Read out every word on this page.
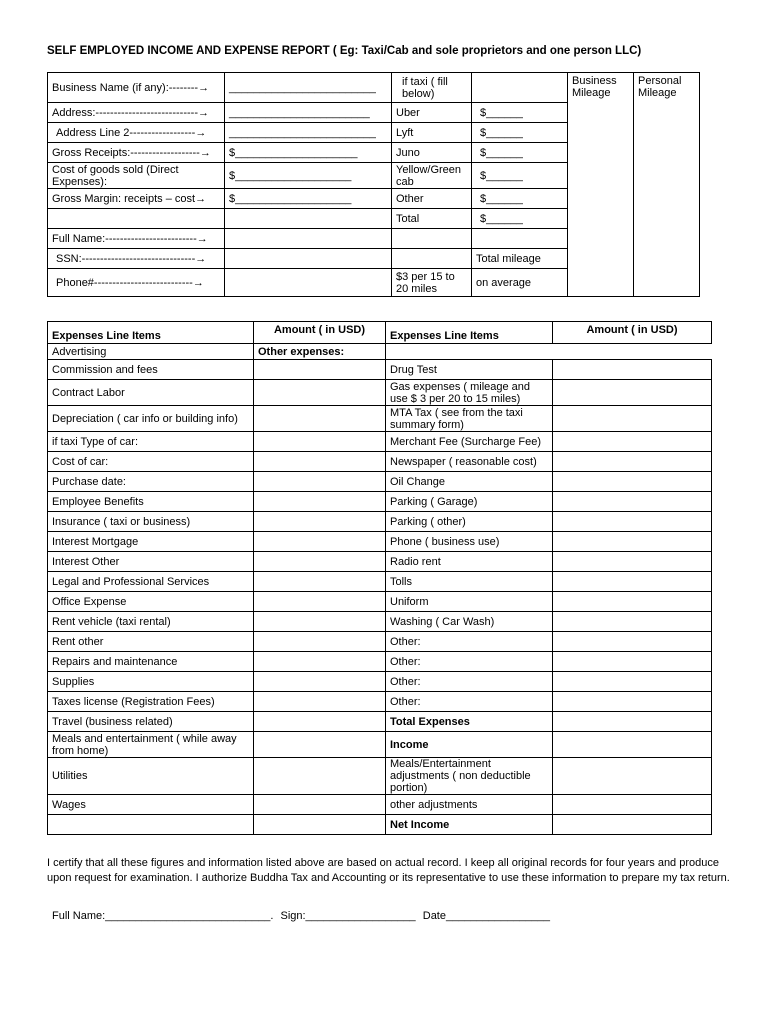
SELF EMPLOYED INCOME AND EXPENSE REPORT ( Eg: Taxi/Cab and sole proprietors and one person LLC)
Business Name (if any):--------→	________________________	if taxi ( fill below)		Business Mileage	Personal Mileage
Address:----------------------------→	_______________________	Uber	$______		
Address Line 2------------------→	________________________	Lyft	$______		
Gross Receipts:-------------------→	$____________________	Juno	$______		
Cost of goods sold (Direct Expenses):	$___________________	Yellow/Green cab	$______		
Gross Margin: receipts – cost→	$___________________	Other	$______		
		Total	$______		
Full Name:-------------------------→					
SSN:-------------------------------→			Total mileage		
Phone#---------------------------→		$3 per 15 to 20 miles	on average		
Expenses Line Items	Amount ( in USD)	Expenses Line Items	Amount ( in USD)
Advertising	Other expenses:		
Commission and fees		Drug Test	
Contract Labor		Gas expenses ( mileage and use $ 3 per 20 to 15 miles)	
Depreciation ( car info or building info)		MTA Tax ( see from the taxi summary form)	
if taxi Type of car:		Merchant Fee (Surcharge Fee)	
Cost of car:		Newspaper ( reasonable cost)	
Purchase date:		Oil Change	
Employee Benefits		Parking ( Garage)	
Insurance ( taxi or business)		Parking ( other)	
Interest Mortgage		Phone ( business use)	
Interest Other		Radio rent	
Legal and Professional Services		Tolls	
Office Expense		Uniform	
Rent vehicle (taxi rental)		Washing ( Car Wash)	
Rent other		Other:	
Repairs and maintenance		Other:	
Supplies		Other:	
Taxes license (Registration Fees)		Other:	
Travel (business related)		Total Expenses	
Meals and entertainment ( while away from home)		Income	
Utilities		Meals/Entertainment adjustments ( non deductible portion)	
Wages		other adjustments	
		Net Income	
I certify that all these figures and information listed above are based on actual record. I keep all original records for four years and produce upon request for examination. I authorize Buddha Tax and Accounting or its representative to use these information to prepare my tax return.
Full Name:___________________________. Sign:__________________ Date_________________
